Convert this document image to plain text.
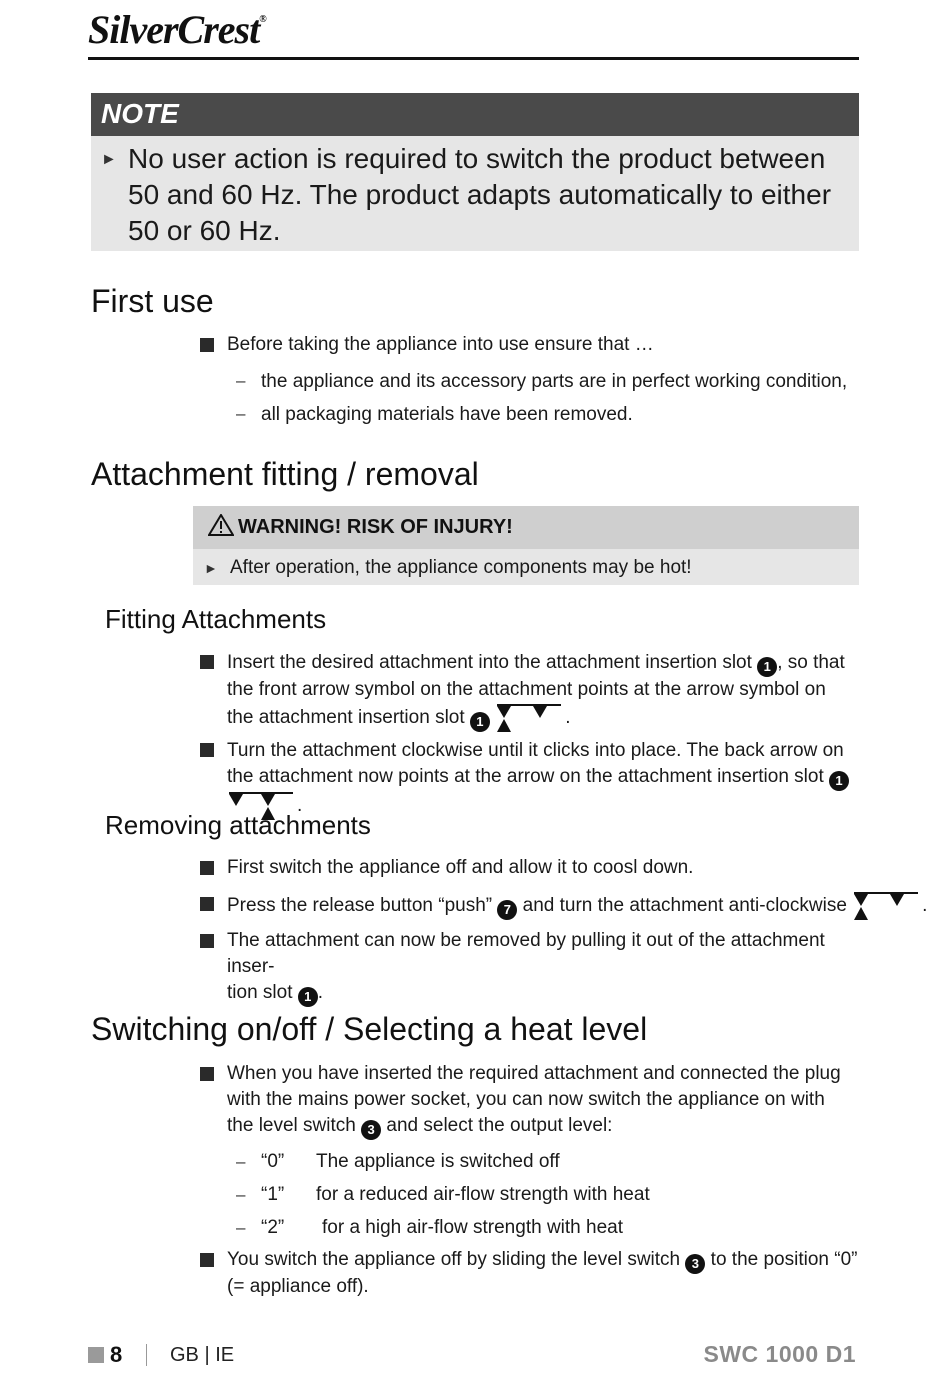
SilverCrest®
NOTE
► No user action is required to switch the product between 50 and 60 Hz. The product adapts automatically to either 50 or 60 Hz.
First use
Before taking the appliance into use ensure that …
– the appliance and its accessory parts are in perfect working condition,
– all packaging materials have been removed.
Attachment fitting / removal
WARNING! RISK OF INJURY!
► After operation, the appliance components may be hot!
Fitting Attachments
Insert the desired attachment into the attachment insertion slot 1 , so that the front arrow symbol on the attachment points at the arrow symbol on the attachment insertion slot 1	.
Turn the attachment clockwise until it clicks into place. The back arrow on the attachment now points at the arrow on the attachment insertion slot 1 .
Removing attachments
First switch the appliance off and allow it to coosl down.
Press the release button “push” 7 and turn the attachment anti-clockwise	.
The attachment can now be removed by pulling it out of the attachment inser-
tion slot 1 .
Switching on/off / Selecting a heat level
When you have inserted the required attachment and connected the plug with the mains power socket, you can now switch the appliance on with the level switch 3 and select the output level:
– “0” The appliance is switched off
– “1” for a reduced air-flow strength with heat
– “2” for a high air-flow strength with heat
You switch the appliance off by sliding the level switch 3 to the position “0” (= appliance off).
8 GB | IE	SWC 1000 D1
